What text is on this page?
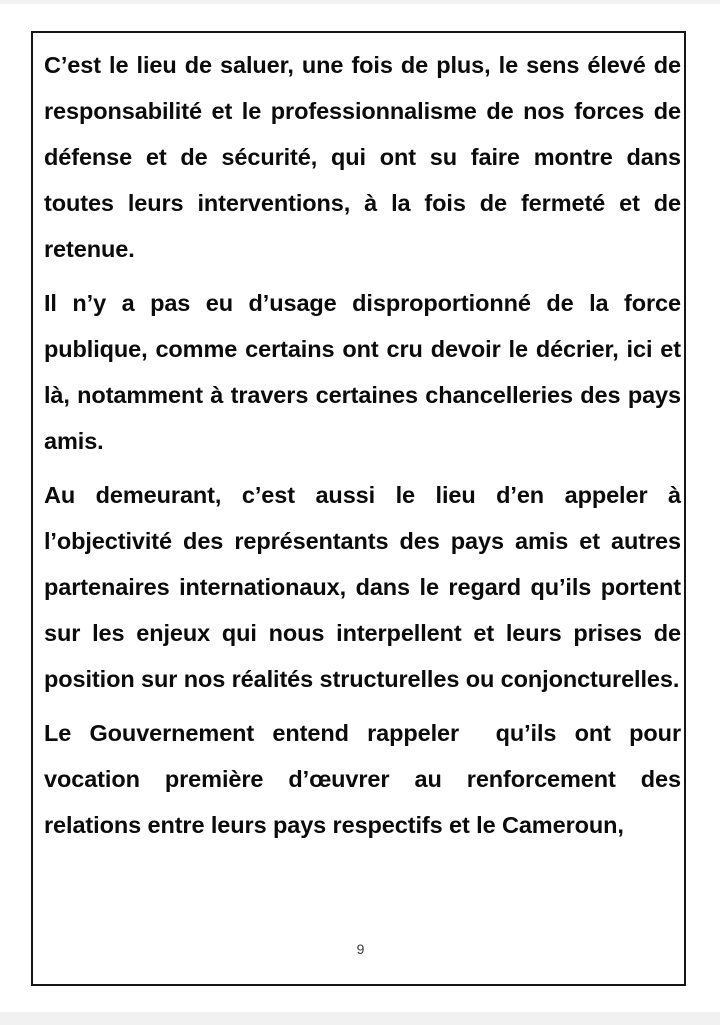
C’est le lieu de saluer, une fois de plus, le sens élevé de responsabilité et le professionnalisme de nos forces de défense et de sécurité, qui ont su faire montre dans toutes leurs interventions, à la fois de fermeté et de retenue.

Il n’y a pas eu d’usage disproportionné de la force publique, comme certains ont cru devoir le décrier, ici et là, notamment à travers certaines chancelleries des pays amis.

Au demeurant, c’est aussi le lieu d’en appeler à l’objectivité des représentants des pays amis et autres partenaires internationaux, dans le regard qu’ils portent sur les enjeux qui nous interpellent et leurs prises de position sur nos réalités structurelles ou conjoncturelles.

Le Gouvernement entend rappeler  qu’ils ont pour vocation première d’œuvrer au renforcement des relations entre leurs pays respectifs et le Cameroun,

9
